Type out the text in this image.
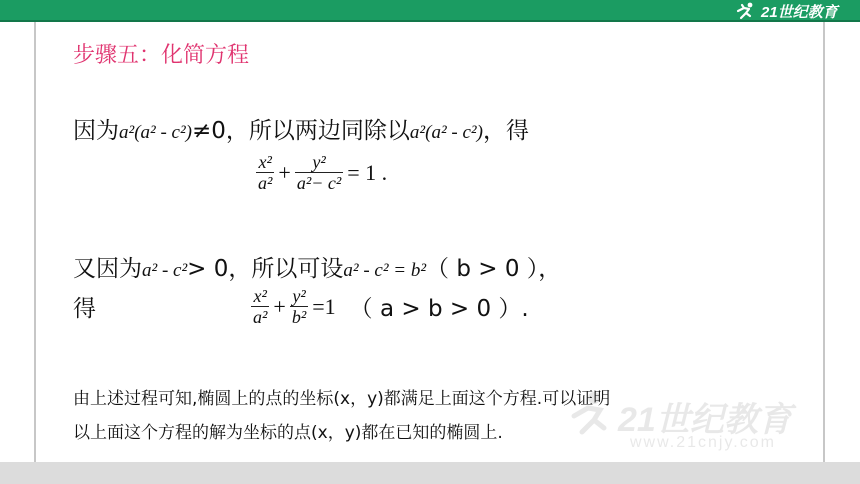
21世纪教育
步骤五：化简方程
因为a²(a² - c²)≠0，所以两边同除以a²(a² - c²)，得
$\frac{\text{x²}}{\text{a²}} + \frac{\text{y²}}{\text{a²− c²}} = 1$ .
又因为a² - c²> 0，所以可设a² - c² = b²（ b > 0 ），
得	$\frac{\text{x²}}{\text{a²}} + \frac{\text{y²}}{\text{b²}} =1$ （ a > b > 0 ）.
由上述过程可知,椭圆上的点的坐标(x，y)都满足上面这个方程.可以证明
以上面这个方程的解为坐标的点(x，y)都在已知的椭圆上.	21世纪教育
www.21cnjy.com
